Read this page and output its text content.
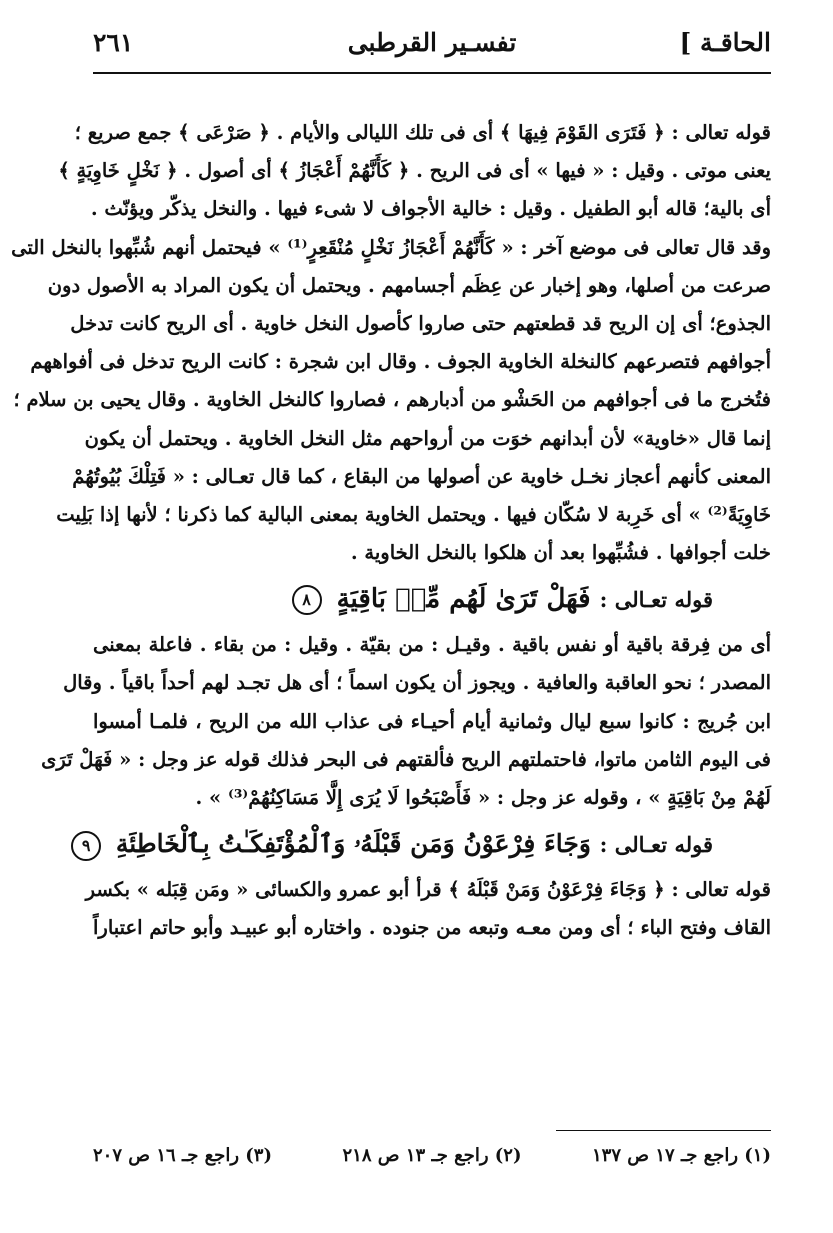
الحاقـة ]
تفسـير القرطبى
٢٦١
قوله تعالى : ﴿ فَتَرَى القَوْمَ فِيهَا ﴾ أى فى تلك الليالى والأيام . ﴿ صَرْعَى ﴾ جمع صريع ؛
يعنى موتى . وقيل : « فيها » أى فى الريح . ﴿ كَأَنَّهُمْ أَعْجَازُ ﴾ أى أصول . ﴿ نَخْلٍ خَاوِيَةٍ ﴾
أى بالية؛ قاله أبو الطفيل . وقيل : خالية الأجواف لا شىء فيها . والنخل يذكّر ويؤنّث .
وقد قال تعالى فى موضع آخر : « كَأَنَّهُمْ أَعْجَازُ نَخْلٍ مُنْقَعِرٍ⁽¹⁾ » فيحتمل أنهم شُبِّهوا بالنخل التى
صرعت من أصلها، وهو إخبار عن عِظَم أجسامهم . ويحتمل أن يكون المراد به الأصول دون
الجذوع؛ أى إن الريح قد قطعتهم حتى صاروا كأصول النخل خاوية . أى الريح كانت تدخل
أجوافهم فتصرعهم كالنخلة الخاوية الجوف . وقال ابن شجرة : كانت الريح تدخل فى أفواههم
فتُخرج ما فى أجوافهم من الحَشْو من أدبارهم ، فصاروا كالنخل الخاوية . وقال يحيى بن سلام ؛
إنما قال «خاوية» لأن أبدانهم خوَت من أرواحهم مثل النخل الخاوية . ويحتمل أن يكون
المعنى كأنهم أعجاز نخـل خاوية عن أصولها من البقاع ، كما قال تعـالى : « فَتِلْكَ بُيُوتُهُمْ
خَاوِيَةً⁽²⁾ » أى خَرِبة لا سُكّان فيها . ويحتمل الخاوية بمعنى البالية كما ذكرنا ؛ لأنها إذا بَلِيت
خلت أجوافها . فشُبِّهوا بعد أن هلكوا بالنخل الخاوية .
قوله تعـالى : فَهَلْ تَرَىٰ لَهُم مِّنۢ بَاقِيَةٍ ٨
أى من فِرقة باقية أو نفس باقية . وقيـل : من بقيّة . وقيل : من بقاء . فاعلة بمعنى
المصدر ؛ نحو العاقبة والعافية . ويجوز أن يكون اسماً ؛ أى هل تجـد لهم أحداً باقياً . وقال
ابن جُريج : كانوا سبع ليال وثمانية أيام أحيـاء فى عذاب الله من الريح ، فلمـا أمسوا
فى اليوم الثامن ماتوا، فاحتملتهم الريح فألقتهم فى البحر فذلك قوله عز وجل : « فَهَلْ تَرَى
لَهُمْ مِنْ بَاقِيَةٍ » ، وقوله عز وجل : « فَأَصْبَحُوا لَا يُرَى إِلَّا مَسَاكِنُهُمْ⁽³⁾ » .
قوله تعـالى : وَجَاءَ فِرْعَوْنُ وَمَن قَبْلَهُۥ وَٱلْمُؤْتَفِكَـٰتُ بِٱلْخَاطِئَةِ ٩
قوله تعالى : ﴿ وَجَاءَ فِرْعَوْنُ وَمَنْ قَبْلَهُ ﴾ قرأ أبو عمرو والكسائى « ومَن قِبَله » بكسر
القاف وفتح الباء ؛ أى ومن معـه وتبعه من جنوده . واختاره أبو عبيـد وأبو حاتم اعتباراً
(١) راجع جـ ١٧ ص ١٣٧
(٢) راجع جـ ١٣ ص ٢١٨
(٣) راجع جـ ١٦ ص ٢٠٧
